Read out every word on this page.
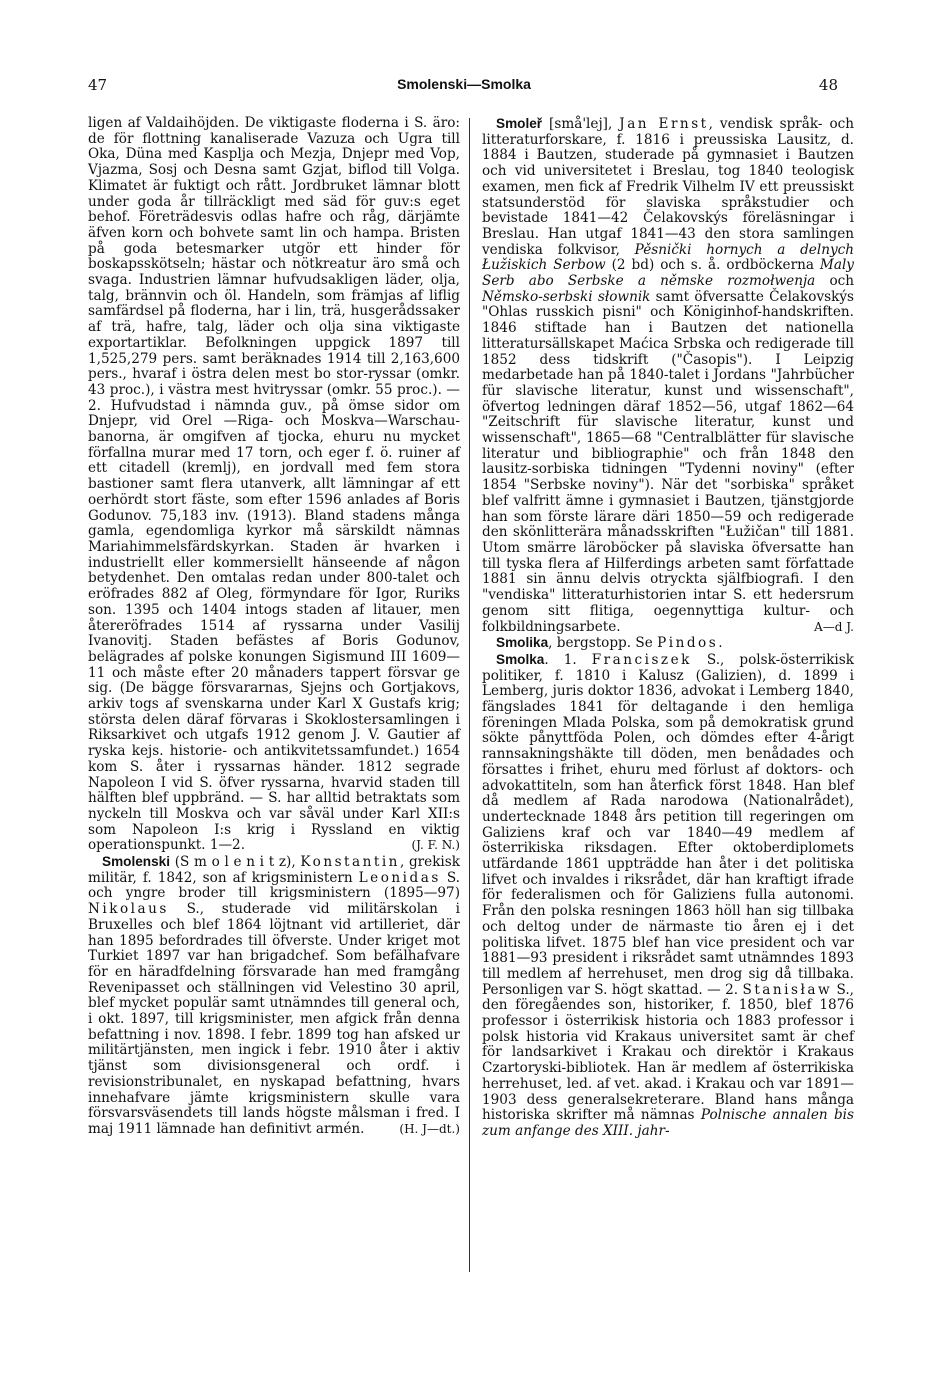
47	Smolenski—Smolka	48

ligen af Valdaihöjden. De viktigaste floderna i S. äro: de för flottning kanaliserade Vazuza och Ugra till Oka, Düna med Kasplja och Mezja, Dnjepr med Vop, Vjazma, Sosj och Desna samt Gzjat, biflod till Volga. Klimatet är fuktigt och rått. Jordbruket lämnar blott under goda år tillräckligt med säd för guv:s eget behof. Företrädesvis odlas hafre och råg, därjämte äfven korn och bohvete samt lin och hampa. Bristen på goda betesmarker utgör ett hinder för boskapsskötseln; hästar och nötkreatur äro små och svaga. Industrien lämnar hufvudsakligen läder, olja, talg, brännvin och öl. Handeln, som främjas af liflig samfärdsel på floderna, har i lin, trä, husgerådssaker af trä, hafre, talg, läder och olja sina viktigaste exportartiklar. Befolkningen uppgick 1897 till 1,525,279 pers. samt beräknades 1914 till 2,163,600 pers., hvaraf i östra delen mest bo stor-ryssar (omkr. 43 proc.), i västra mest hvitryssar (omkr. 55 proc.). — 2. Hufvudstad i nämnda guv., på ömse sidor om Dnjepr, vid Orel —Riga- och Moskva—Warschau-banorna, är omgifven af tjocka, ehuru nu mycket förfallna murar med 17 torn, och eger f. ö. ruiner af ett citadell (kremlj), en jordvall med fem stora bastioner samt flera utanverk, allt lämningar af ett oerhördt stort fäste, som efter 1596 anlades af Boris Godunov. 75,183 inv. (1913). Bland stadens många gamla, egendomliga kyrkor må särskildt nämnas Mariahimmelsfärdskyrkan. Staden är hvarken i industriellt eller kommersiellt hänseende af någon betydenhet. Den omtalas redan under 800-talet och eröfrades 882 af Oleg, förmyndare för Igor, Ruriks son. 1395 och 1404 intogs staden af litauer, men återeröfrades 1514 af ryssarna under Vasilij Ivanovitj. Staden befästes af Boris Godunov, belägrades af polske konungen Sigismund III 1609—11 och måste efter 20 månaders tappert försvar ge sig. (De bägge försvararnas, Sjejns och Gortjakovs, arkiv togs af svenskarna under Karl X Gustafs krig; största delen däraf förvaras i Skoklostersamlingen i Riksarkivet och utgafs 1912 genom J. V. Gautier af ryska kejs. historie- och antikvitetssamfundet.) 1654 kom S. åter i ryssarnas händer. 1812 segrade Napoleon I vid S. öfver ryssarna, hvarvid staden till hälften blef uppbränd. — S. har alltid betraktats som nyckeln till Moskva och var såväl under Karl XII:s som Napoleon I:s krig i Ryssland en viktig operationspunkt. 1—2.	(J. F. N.)

Smolenski (S m o l e n i t z), Konstantin, grekisk militär, f. 1842, son af krigsministern Leonidas S. och yngre broder till krigsministern (1895—97) Nikolaus S., studerade vid militärskolan i Bruxelles och blef 1864 löjtnant vid artilleriet, där han 1895 befordrades till öfverste. Under kriget mot Turkiet 1897 var han brigadchef. Som befälhafvare för en häradfdelning försvarade han med framgång Revenipasset och ställningen vid Velestino 30 april, blef mycket populär samt utnämndes till general och, i okt. 1897, till krigsminister, men afgick från denna befattning i nov. 1898. I febr. 1899 tog han afsked ur militärtjänsten, men ingick i febr. 1910 åter i aktiv tjänst som divisionsgeneral och ordf. i revisionstribunalet, en nyskapad befattning, hvars innehafvare jämte krigsministern skulle vara försvarsväsendets till lands högste målsman i fred. I maj 1911 lämnade han definitivt armén.	(H. J—dt.)

Smoleř [små'lej], Jan Ernst, vendisk språk- och litteraturforskare, f. 1816 i preussiska Lausitz, d. 1884 i Bautzen, studerade på gymnasiet i Bautzen och vid universitetet i Breslau, tog 1840 teologisk examen, men fick af Fredrik Vilhelm IV ett preussiskt statsunderstöd för slaviska språkstudier och bevistade 1841—42 Čelakovskýs föreläsningar i Breslau. Han utgaf 1841—43 den stora samlingen vendiska folkvisor, Pěsnički hornych a delnych Łužiskich Serbow (2 bd) och s. å. ordböckerna Maly Serb abo Serbske a němske rozmołwenja och Němsko-serbski słownik samt öfversatte Čelakovskýs "Ohlas russkich pisni" och Königinhof-handskriften. 1846 stiftade han i Bautzen det nationella litteratursällskapet Maćica Srbska och redigerade till 1852 dess tidskrift ("Časopis"). I Leipzig medarbetade han på 1840-talet i Jordans "Jahrbücher für slavische literatur, kunst und wissenschaft", öfvertog ledningen däraf 1852—56, utgaf 1862—64 "Zeitschrift für slavische literatur, kunst und wissenschaft", 1865—68 "Centralblätter für slavische literatur und bibliographie" och från 1848 den lausitz-sorbiska tidningen "Tydenni noviny" (efter 1854 "Serbske noviny"). När det "sorbiska" språket blef valfritt ämne i gymnasiet i Bautzen, tjänstgjorde han som förste lärare däri 1850—59 och redigerade den skönlitterära månadsskriften "Łužičan" till 1881. Utom smärre läroböcker på slaviska öfversatte han till tyska flera af Hilferdings arbeten samt författade 1881 sin ännu delvis otryckta själfbiografi. I den "vendiska" litteraturhistorien intar S. ett hedersrum genom sitt flitiga, oegennyttiga kultur- och folkbildningsarbete.	A—d J.

Smolika, bergstopp. Se Pindos.

Smolka. 1. Franciszek S., polsk-österrikisk politiker, f. 1810 i Kalusz (Galizien), d. 1899 i Lemberg, juris doktor 1836, advokat i Lemberg 1840, fängslades 1841 för deltagande i den hemliga föreningen Mlada Polska, som på demokratisk grund sökte pånyttföda Polen, och dömdes efter 4-årigt rannsakningshäkte till döden, men benådades och försattes i frihet, ehuru med förlust af doktors- och advokattiteln, som han återfick först 1848. Han blef då medlem af Rada narodowa (Nationalrådet), undertecknade 1848 års petition till regeringen om Galiziens kraf och var 1840—49 medlem af österrikiska riksdagen. Efter oktoberdiplomets utfärdande 1861 uppträdde han åter i det politiska lifvet och invaldes i riksrådet, där han kraftigt ifrade för federalismen och för Galiziens fulla autonomi. Från den polska resningen 1863 höll han sig tillbaka och deltog under de närmaste tio åren ej i det politiska lifvet. 1875 blef han vice president och var 1881—93 president i riksrådet samt utnämndes 1893 till medlem af herrehuset, men drog sig då tillbaka. Personligen var S. högt skattad. — 2. Stanisław S., den föregåendes son, historiker, f. 1850, blef 1876 professor i österrikisk historia och 1883 professor i polsk historia vid Krakaus universitet samt är chef för landsarkivet i Krakau och direktör i Krakaus Czartoryski-bibliotek. Han är medlem af österrikiska herrehuset, led. af vet. akad. i Krakau och var 1891—1903 dess generalsekreterare. Bland hans många historiska skrifter må nämnas Polnische annalen bis zum anfange des XIII. jahr-
